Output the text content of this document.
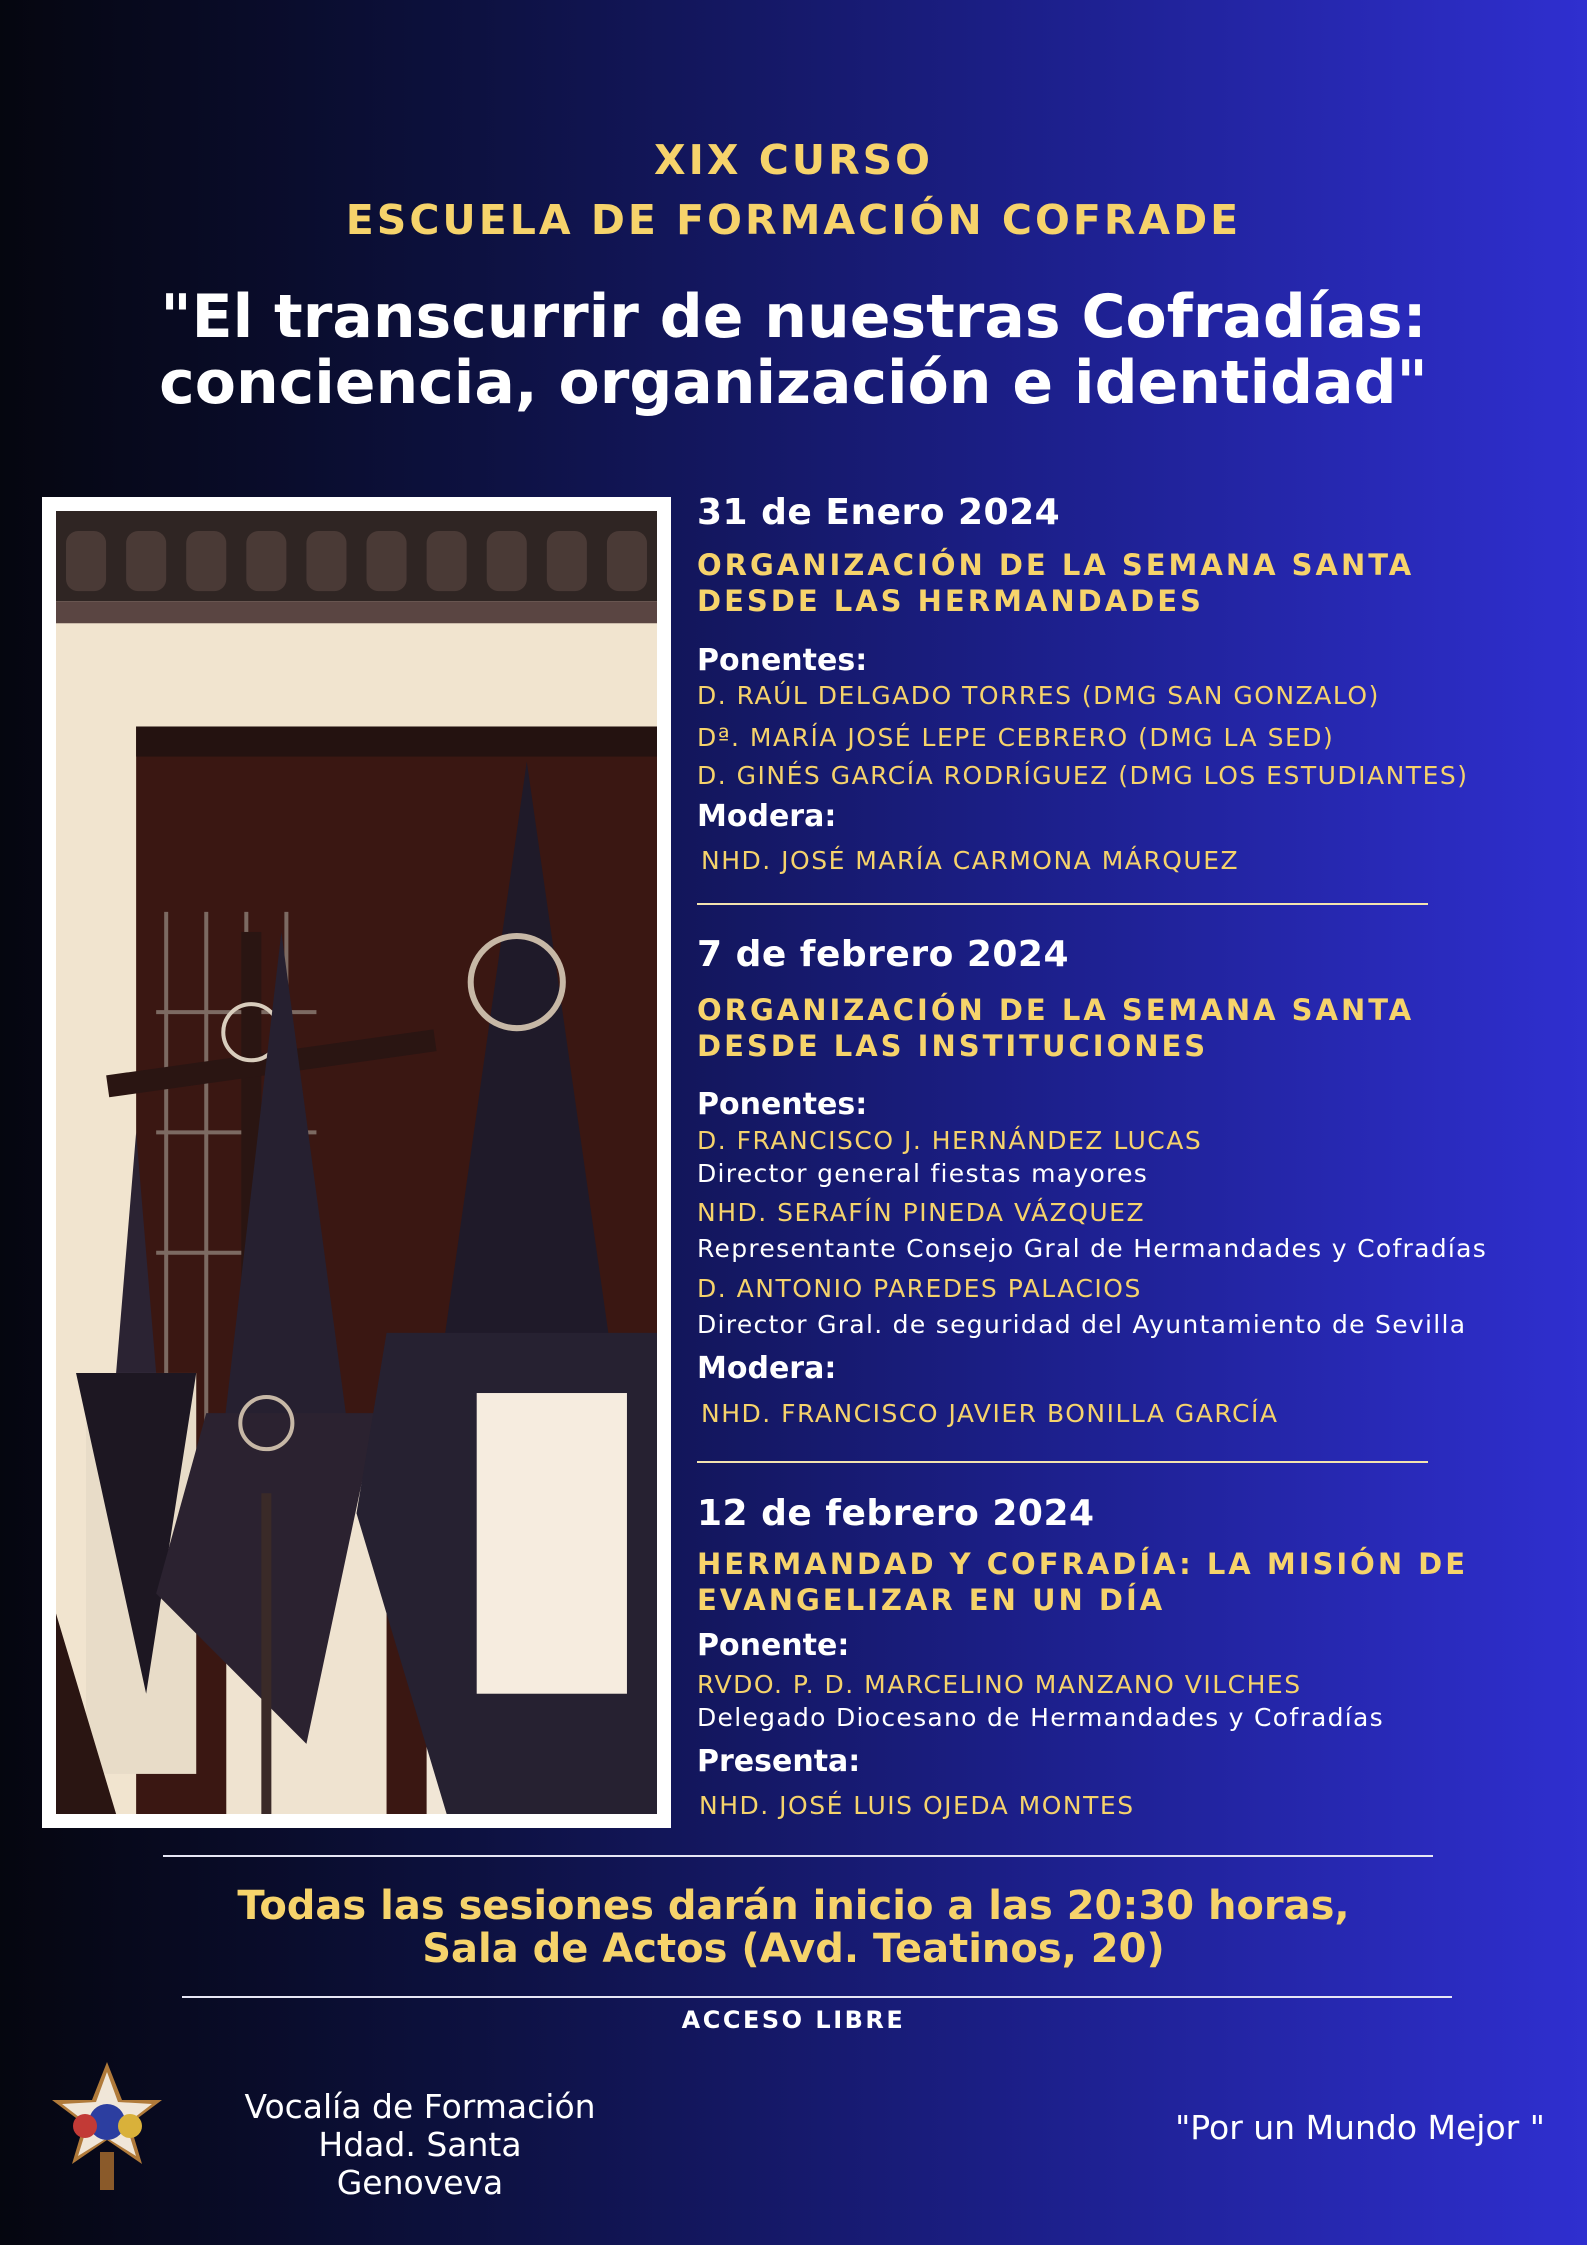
XIX CURSO
ESCUELA DE FORMACIÓN COFRADE
"El transcurrir de nuestras Cofradías:
conciencia, organización e identidad"
31 de Enero 2024
ORGANIZACIÓN DE LA SEMANA SANTA
DESDE LAS HERMANDADES
Ponentes:
D. RAÚL DELGADO TORRES (DMG SAN GONZALO)
Dª. MARÍA JOSÉ LEPE CEBRERO (DMG LA SED)
D. GINÉS GARCÍA RODRÍGUEZ (DMG LOS ESTUDIANTES)
Modera:
NHD. JOSÉ MARÍA CARMONA MÁRQUEZ
7 de febrero 2024
ORGANIZACIÓN DE LA SEMANA SANTA
DESDE LAS INSTITUCIONES
Ponentes:
D. FRANCISCO J. HERNÁNDEZ LUCAS
Director general fiestas mayores
NHD. SERAFÍN PINEDA VÁZQUEZ
Representante Consejo Gral de Hermandades y Cofradías
D. ANTONIO PAREDES PALACIOS
Director Gral. de seguridad del Ayuntamiento de Sevilla
Modera:
NHD. FRANCISCO JAVIER BONILLA GARCÍA
12 de febrero 2024
HERMANDAD Y COFRADÍA: LA MISIÓN DE
EVANGELIZAR EN UN DÍA
Ponente:
RVDO. P. D. MARCELINO MANZANO VILCHES
Delegado Diocesano de Hermandades y Cofradías
Presenta:
NHD. JOSÉ LUIS OJEDA MONTES
Todas las sesiones darán inicio a las 20:30 horas,
Sala de Actos (Avd. Teatinos, 20)
ACCESO LIBRE
Vocalía de Formación
Hdad. Santa Genoveva
"Por un Mundo Mejor "
